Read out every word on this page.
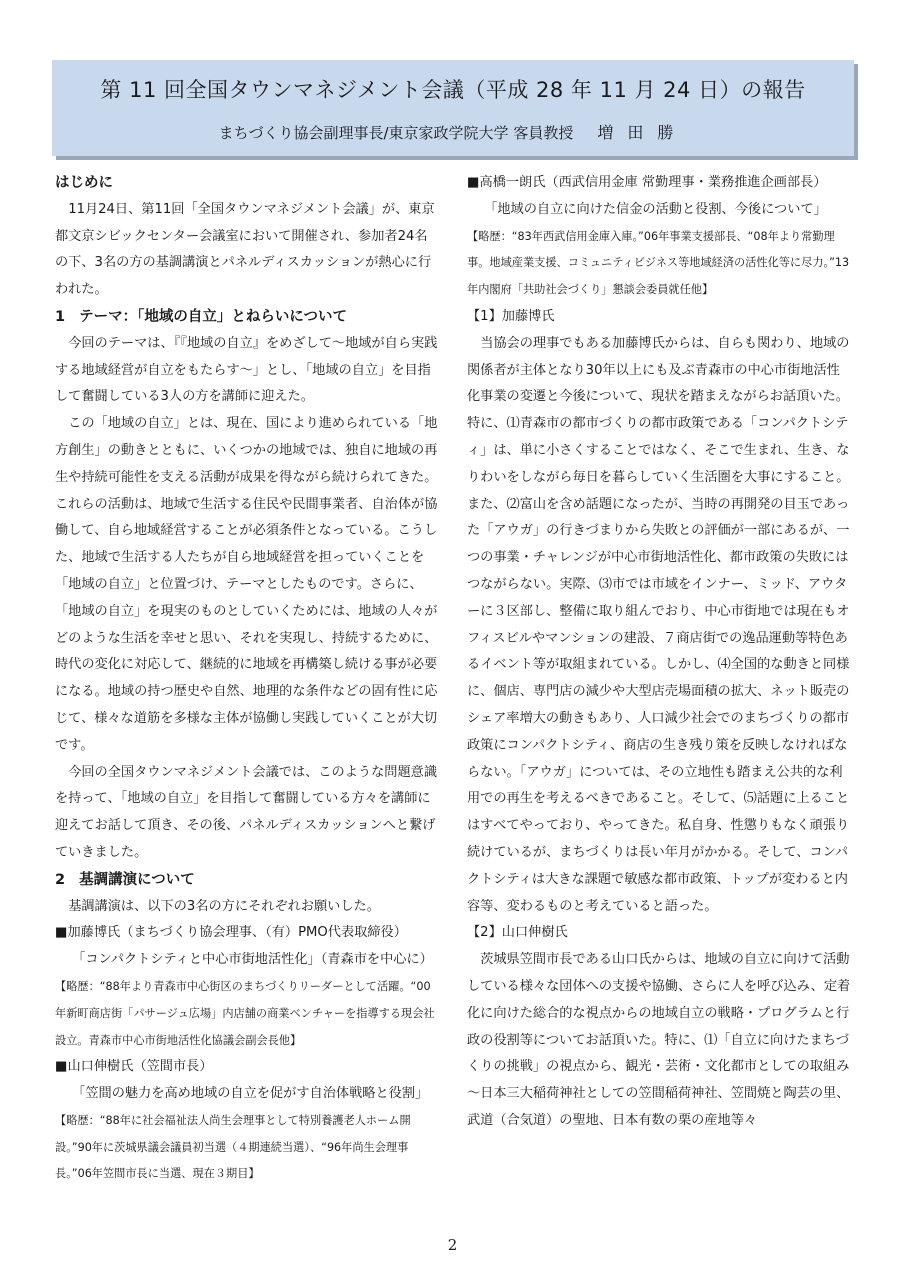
第 11 回全国タウンマネジメント会議（平成 28 年 11 月 24 日）の報告
まちづくり協会副理事長/東京家政学院大学 客員教授 増田勝

はじめに

11月24日、第11回「全国タウンマネジメント会議」が、東京都文京シビックセンター会議室において開催され、参加者24名の下、3名の方の基調講演とパネルディスカッションが熱心に行われた。

1 テーマ：「地域の自立」とねらいについて

今回のテーマは、『『地域の自立』をめざして～地域が自ら実践する地域経営が自立をもたらす～」とし、「地域の自立」を目指して奮闘している3人の方を講師に迎えた。

この「地域の自立」とは、現在、国により進められている「地方創生」の動きとともに、いくつかの地域では、独自に地域の再生や持続可能性を支える活動が成果を得ながら続けられてきた。これらの活動は、地域で生活する住民や民間事業者、自治体が協働して、自ら地域経営することが必須条件となっている。こうした、地域で生活する人たちが自ら地域経営を担っていくことを「地域の自立」と位置づけ、テーマとしたものです。さらに、「地域の自立」を現実のものとしていくためには、地域の人々がどのような生活を幸せと思い、それを実現し、持続するために、時代の変化に対応して、継続的に地域を再構築し続ける事が必要になる。地域の持つ歴史や自然、地理的な条件などの固有性に応じて、様々な道筋を多様な主体が協働し実践していくことが大切です。

今回の全国タウンマネジメント会議では、このような問題意識を持って、「地域の自立」を目指して奮闘している方々を講師に迎えてお話して頂き、その後、パネルディスカッションへと繋げていきました。

2 基調講演について

基調講演は、以下の3名の方にそれぞれお願いした。

■加藤博氏（まちづくり協会理事、（有）PMO代表取締役）

「コンパクトシティと中心市街地活性化」（青森市を中心に）

【略歴：“88年より青森市中心街区のまちづくりリーダーとして活躍。“00年新町商店街「パサージュ広場」内店舗の商業ベンチャーを指導する現会社設立。青森市中心市街地活性化協議会副会長他】

■山口伸樹氏（笠間市長）

「笠間の魅力を高め地域の自立を促がす自治体戦略と役割」

【略歴：“88年に社会福祉法人尚生会理事として特別養護老人ホーム開設。”90年に茨城県議会議員初当選（４期連続当選）、“96年尚生会理事長。”06年笠間市長に当選、現在３期目】

■高橋一朗氏（西武信用金庫 常勤理事・業務推進企画部長）

「地域の自立に向けた信金の活動と役割、今後について」

【略歴：“83年西武信用金庫入庫。”06年事業支援部長、“08年より常勤理事。地域産業支援、コミュニティビジネス等地域経済の活性化等に尽力。”13年内閣府「共助社会づくり」懇談会委員就任他】

【1】加藤博氏

当協会の理事でもある加藤博氏からは、自らも関わり、地域の関係者が主体となり30年以上にも及ぶ青森市の中心市街地活性化事業の変遷と今後について、現状を踏まえながらお話頂いた。特に、⑴青森市の都市づくりの都市政策である「コンパクトシティ」は、単に小さくすることではなく、そこで生まれ、生き、なりわいをしながら毎日を暮らしていく生活圏を大事にすること。また、⑵富山を含め話題になったが、当時の再開発の目玉であった「アウガ」の行きづまりから失敗との評価が一部にあるが、一つの事業・チャレンジが中心市街地活性化、都市政策の失敗にはつながらない。実際、⑶市では市域をインナー、ミッド、アウターに３区部し、整備に取り組んでおり、中心市街地では現在もオフィスビルやマンションの建設、７商店街での逸品運動等特色あるイベント等が取組まれている。しかし、⑷全国的な動きと同様に、個店、専門店の減少や大型店売場面積の拡大、ネット販売のシェア率増大の動きもあり、人口減少社会でのまちづくりの都市政策にコンパクトシティ、商店の生き残り策を反映しなければならない。「アウガ」については、その立地性も踏まえ公共的な利用での再生を考えるべきであること。そして、⑸話題に上ることはすべてやっており、やってきた。私自身、性懲りもなく頑張り続けているが、まちづくりは長い年月がかかる。そして、コンパクトシティは大きな課題で敏感な都市政策、トップが変わると内容等、変わるものと考えていると語った。

【2】山口伸樹氏

茨城県笠間市長である山口氏からは、地域の自立に向けて活動している様々な団体への支援や協働、さらに人を呼び込み、定着化に向けた総合的な視点からの地域自立の戦略・プログラムと行政の役割等についてお話頂いた。特に、⑴「自立に向けたまちづくりの挑戦」の視点から、観光・芸術・文化都市としての取組み～日本三大稲荷神社としての笠間稲荷神社、笠間焼と陶芸の里、武道（合気道）の聖地、日本有数の栗の産地等々

2
